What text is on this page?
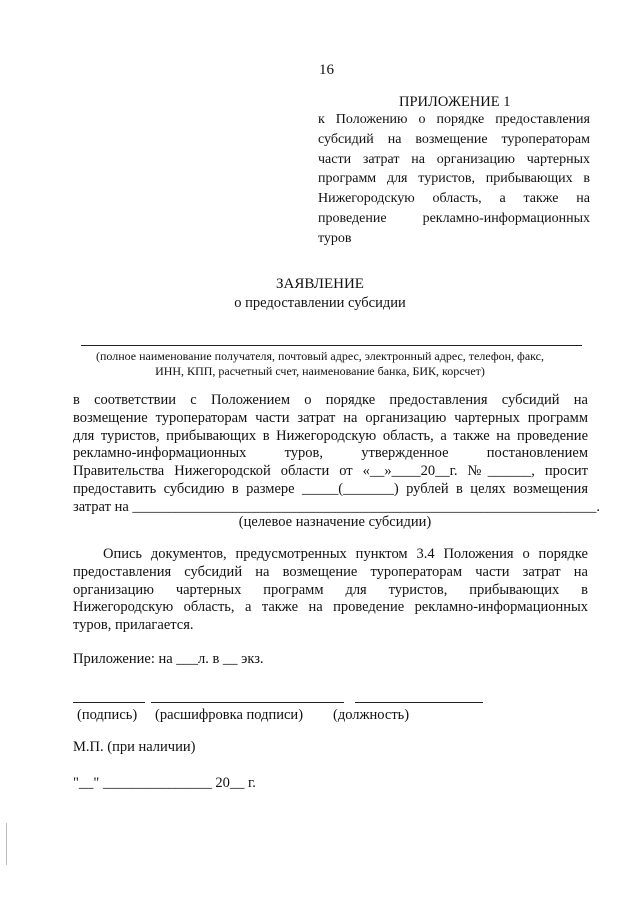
16
ПРИЛОЖЕНИЕ 1
к Положению о порядке предоставления
субсидий на возмещение туроператорам
части затрат на организацию чартерных
программ для туристов, прибывающих в
Нижегородскую область, а также на
проведение рекламно-информационных
туров
ЗАЯВЛЕНИЕ
о предоставлении субсидии
(полное наименование получателя, почтовый адрес, электронный адрес, телефон, факс,
ИНН, КПП, расчетный счет, наименование банка, БИК, корсчет)
в соответствии с Положением о порядке предоставления субсидий на
возмещение туроператорам части затрат на организацию чартерных программ
для туристов, прибывающих в Нижегородскую область, а также на проведение
рекламно-информационных туров, утвержденное постановлением
Правительства Нижегородской области от «__»____20__г. №______, просит
предоставить субсидию в размере _____(_______) рублей в целях возмещения
затрат на ________________________________________________________________.
(целевое назначение субсидии)
Опись документов, предусмотренных пунктом 3.4 Положения о порядке
предоставления субсидий на возмещение туроператорам части затрат на
организацию чартерных программ для туристов, прибывающих в
Нижегородскую область, а также на проведение рекламно-информационных
туров, прилагается.
Приложение: на ___л. в __ экз.
(подпись) (расшифровка подписи) (должность)
М.П. (при наличии)
"__" _______________ 20__ г.
